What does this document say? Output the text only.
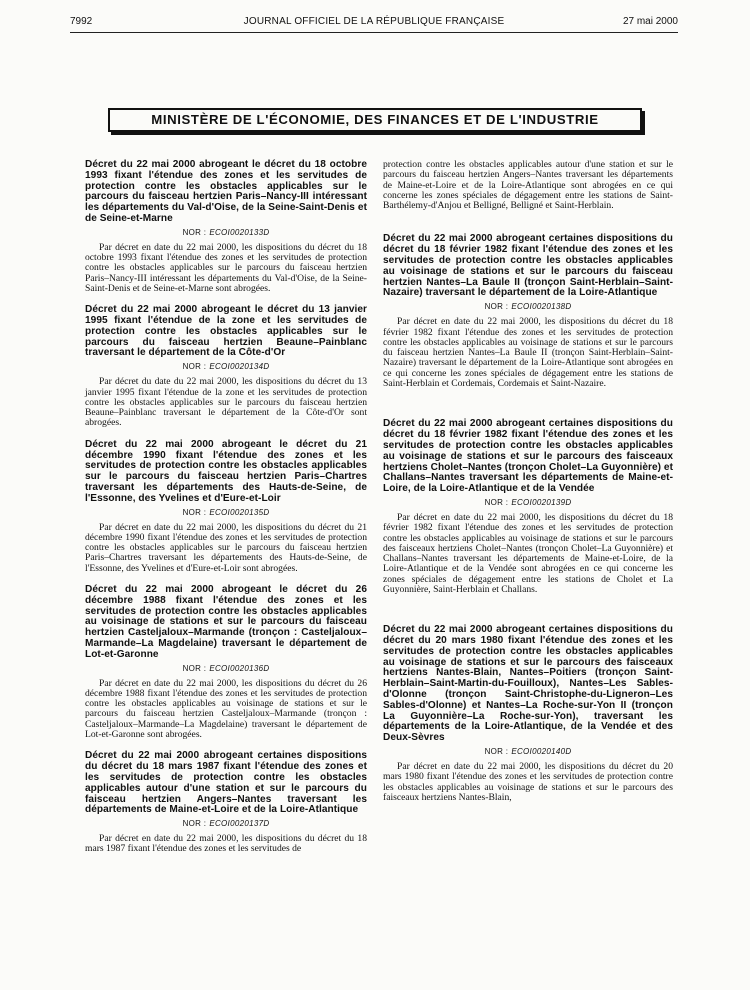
7992	JOURNAL OFFICIEL DE LA RÉPUBLIQUE FRANÇAISE	27 mai 2000
MINISTÈRE DE L'ÉCONOMIE, DES FINANCES ET DE L'INDUSTRIE

Décret du 22 mai 2000 abrogeant le décret du 18 octobre 1993 fixant l'étendue des zones et les servitudes de protection contre les obstacles applicables sur le parcours du faisceau hertzien Paris–Nancy-III intéressant les départements du Val-d'Oise, de la Seine-Saint-Denis et de Seine-et-Marne

NOR : ECOI0020133D

Par décret en date du 22 mai 2000, les dispositions du décret du 18 octobre 1993 fixant l'étendue des zones et les servitudes de protection contre les obstacles applicables sur le parcours du faisceau hertzien Paris–Nancy-III intéressant les départements du Val-d'Oise, de la Seine-Saint-Denis et de Seine-et-Marne sont abrogées.

Décret du 22 mai 2000 abrogeant le décret du 13 janvier 1995 fixant l'étendue de la zone et les servitudes de protection contre les obstacles applicables sur le parcours du faisceau hertzien Beaune–Painblanc traversant le département de la Côte-d'Or

NOR : ECOI0020134D

Par décret du date du 22 mai 2000, les dispositions du décret du 13 janvier 1995 fixant l'étendue de la zone et les servitudes de protection contre les obstacles applicables sur le parcours du faisceau hertzien Beaune–Painblanc traversant le département de la Côte-d'Or sont abrogées.

Décret du 22 mai 2000 abrogeant le décret du 21 décembre 1990 fixant l'étendue des zones et les servitudes de protection contre les obstacles applicables sur le parcours du faisceau hertzien Paris–Chartres traversant les départements des Hauts-de-Seine, de l'Essonne, des Yvelines et d'Eure-et-Loir

NOR : ECOI0020135D

Par décret en date du 22 mai 2000, les dispositions du décret du 21 décembre 1990 fixant l'étendue des zones et les servitudes de protection contre les obstacles applicables sur le parcours du faisceau hertzien Paris–Chartres traversant les départements des Hauts-de-Seine, de l'Essonne, des Yvelines et d'Eure-et-Loir sont abrogées.

Décret du 22 mai 2000 abrogeant le décret du 26 décembre 1988 fixant l'étendue des zones et les servitudes de protection contre les obstacles applicables au voisinage de stations et sur le parcours du faisceau hertzien Casteljaloux–Marmande (tronçon : Casteljaloux–Marmande–La Magdelaine) traversant le département de Lot-et-Garonne

NOR : ECOI0020136D

Par décret en date du 22 mai 2000, les dispositions du décret du 26 décembre 1988 fixant l'étendue des zones et les servitudes de protection contre les obstacles applicables au voisinage de stations et sur le parcours du faisceau hertzien Casteljaloux–Marmande (tronçon : Casteljaloux–Marmande–La Magdelaine) traversant le département de Lot-et-Garonne sont abrogées.

Décret du 22 mai 2000 abrogeant certaines dispositions du décret du 18 mars 1987 fixant l'étendue des zones et les servitudes de protection contre les obstacles applicables autour d'une station et sur le parcours du faisceau hertzien Angers–Nantes traversant les départements de Maine-et-Loire et de la Loire-Atlantique

NOR : ECOI0020137D

Par décret en date du 22 mai 2000, les dispositions du décret du 18 mars 1987 fixant l'étendue des zones et les servitudes de

protection contre les obstacles applicables autour d'une station et sur le parcours du faisceau hertzien Angers–Nantes traversant les départements de Maine-et-Loire et de la Loire-Atlantique sont abrogées en ce qui concerne les zones spéciales de dégagement entre les stations de Saint-Barthélemy-d'Anjou et Belligné, Belligné et Saint-Herblain.

Décret du 22 mai 2000 abrogeant certaines dispositions du décret du 18 février 1982 fixant l'étendue des zones et les servitudes de protection contre les obstacles applicables au voisinage de stations et sur le parcours du faisceau hertzien Nantes–La Baule II (tronçon Saint-Herblain–Saint-Nazaire) traversant le département de la Loire-Atlantique

NOR : ECOI0020138D

Par décret en date du 22 mai 2000, les dispositions du décret du 18 février 1982 fixant l'étendue des zones et les servitudes de protection contre les obstacles applicables au voisinage de stations et sur le parcours du faisceau hertzien Nantes–La Baule II (tronçon Saint-Herblain–Saint-Nazaire) traversant le département de la Loire-Atlantique sont abrogées en ce qui concerne les zones spéciales de dégagement entre les stations de Saint-Herblain et Cordemais, Cordemais et Saint-Nazaire.

Décret du 22 mai 2000 abrogeant certaines dispositions du décret du 18 février 1982 fixant l'étendue des zones et les servitudes de protection contre les obstacles applicables au voisinage de stations et sur le parcours des faisceaux hertziens Cholet–Nantes (tronçon Cholet–La Guyonnière) et Challans–Nantes traversant les départements de Maine-et-Loire, de la Loire-Atlantique et de la Vendée

NOR : ECOI0020139D

Par décret en date du 22 mai 2000, les dispositions du décret du 18 février 1982 fixant l'étendue des zones et les servitudes de protection contre les obstacles applicables au voisinage de stations et sur le parcours des faisceaux hertziens Cholet–Nantes (tronçon Cholet–La Guyonnière) et Challans–Nantes traversant les départements de Maine-et-Loire, de la Loire-Atlantique et de la Vendée sont abrogées en ce qui concerne les zones spéciales de dégagement entre les stations de Cholet et La Guyonnière, Saint-Herblain et Challans.

Décret du 22 mai 2000 abrogeant certaines dispositions du décret du 20 mars 1980 fixant l'étendue des zones et les servitudes de protection contre les obstacles applicables au voisinage de stations et sur le parcours des faisceaux hertziens Nantes-Blain, Nantes–Poitiers (tronçon Saint-Herblain–Saint-Martin-du-Fouilloux), Nantes–Les Sables-d'Olonne (tronçon Saint-Christophe-du-Ligneron–Les Sables-d'Olonne) et Nantes–La Roche-sur-Yon II (tronçon La Guyonnière–La Roche-sur-Yon), traversant les départements de la Loire-Atlantique, de la Vendée et des Deux-Sèvres

NOR : ECOI0020140D

Par décret en date du 22 mai 2000, les dispositions du décret du 20 mars 1980 fixant l'étendue des zones et les servitudes de protection contre les obstacles applicables au voisinage de stations et sur le parcours des faisceaux hertziens Nantes-Blain,
